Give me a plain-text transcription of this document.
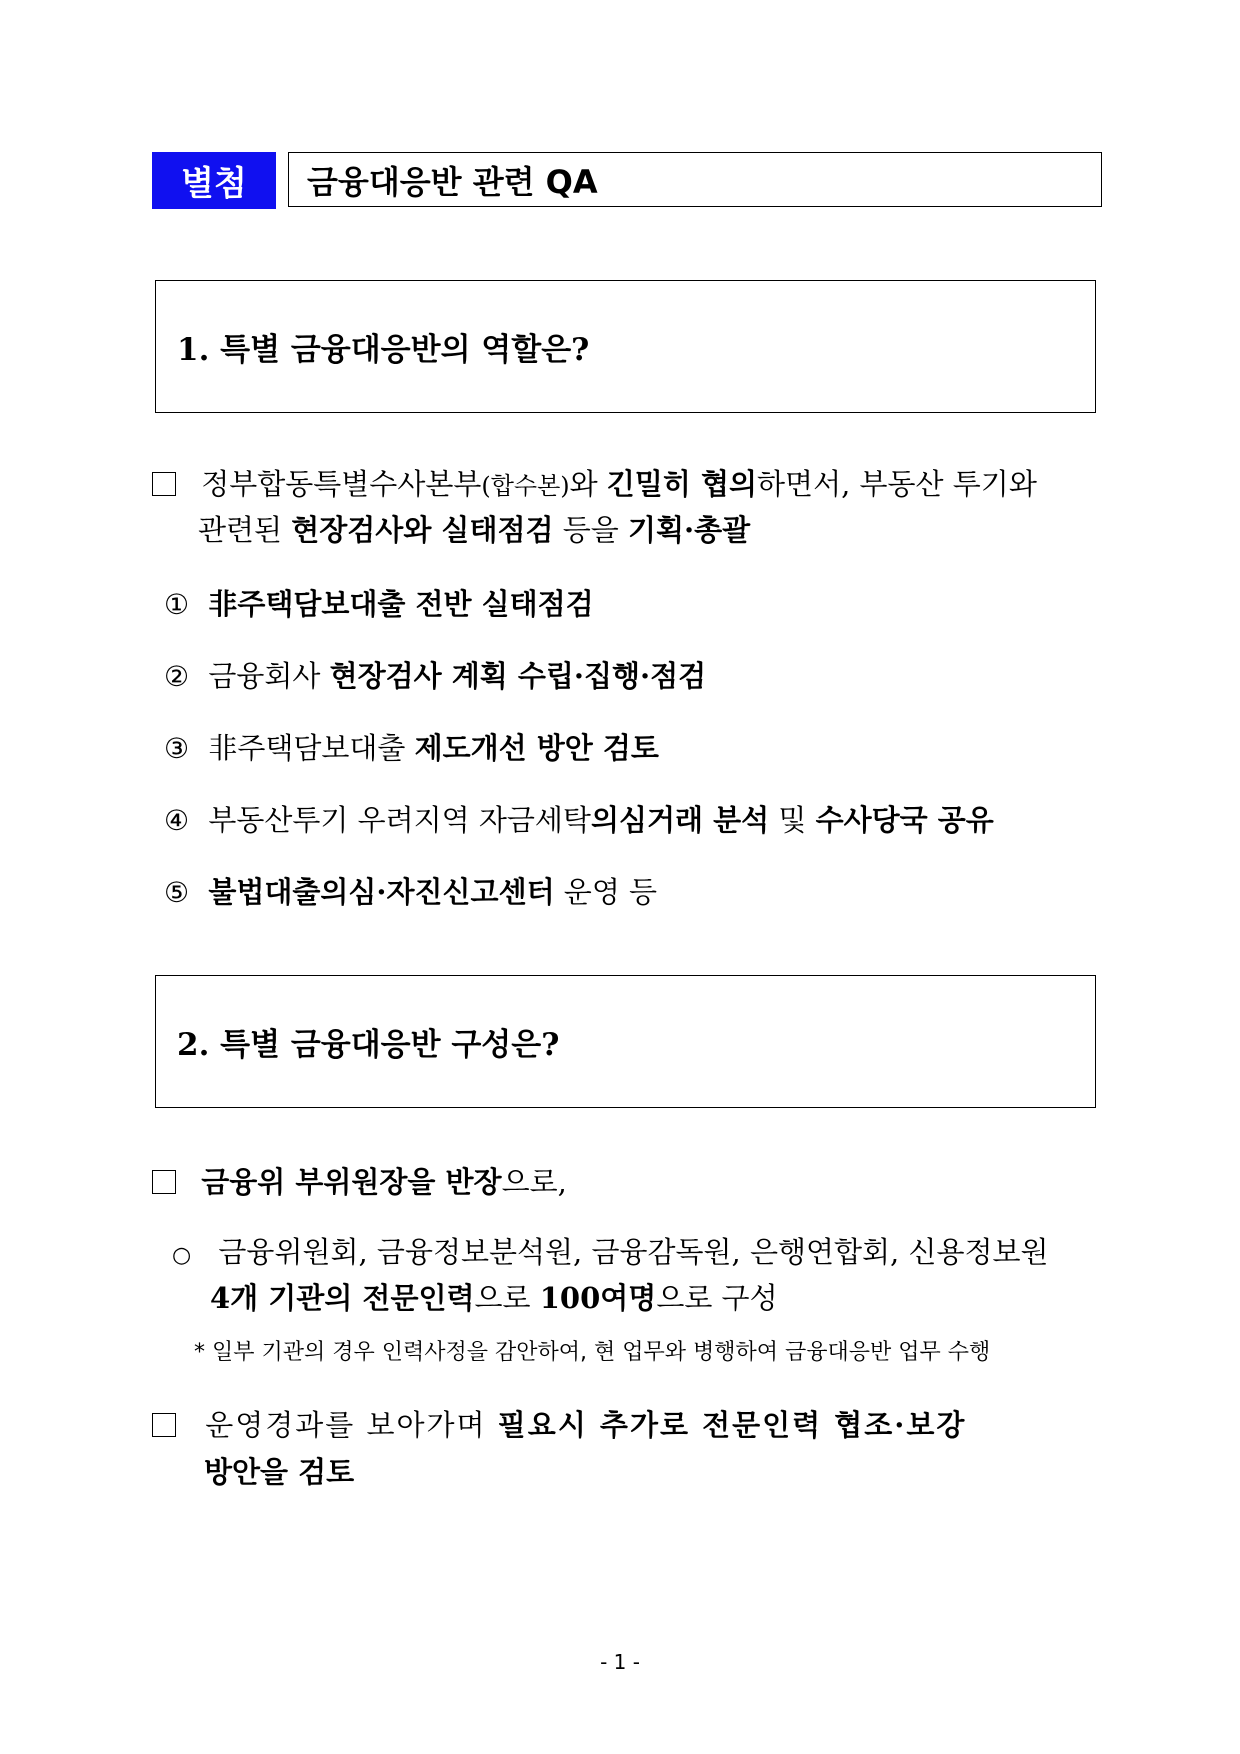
별첨	금융대응반 관련 QA
1. 특별 금융대응반의 역할은?
정부합동특별수사본부(합수본)와 긴밀히 협의하면서, 부동산 투기와
관련된 현장검사와 실태점검 등을 기획·총괄
① 非주택담보대출 전반 실태점검
② 금융회사 현장검사 계획 수립·집행·점검
③ 非주택담보대출 제도개선 방안 검토
④ 부동산투기 우려지역 자금세탁의심거래 분석 및 수사당국 공유
⑤ 불법대출의심·자진신고센터 운영 등
2. 특별 금융대응반 구성은?
금융위 부위원장을 반장으로,
○ 금융위원회, 금융정보분석원, 금융감독원, 은행연합회, 신용정보원
4개 기관의 전문인력으로 100여명으로 구성
* 일부 기관의 경우 인력사정을 감안하여, 현 업무와 병행하여 금융대응반 업무 수행
운영경과를 보아가며 필요시 추가로 전문인력 협조·보강
방안을 검토
- 1 -
